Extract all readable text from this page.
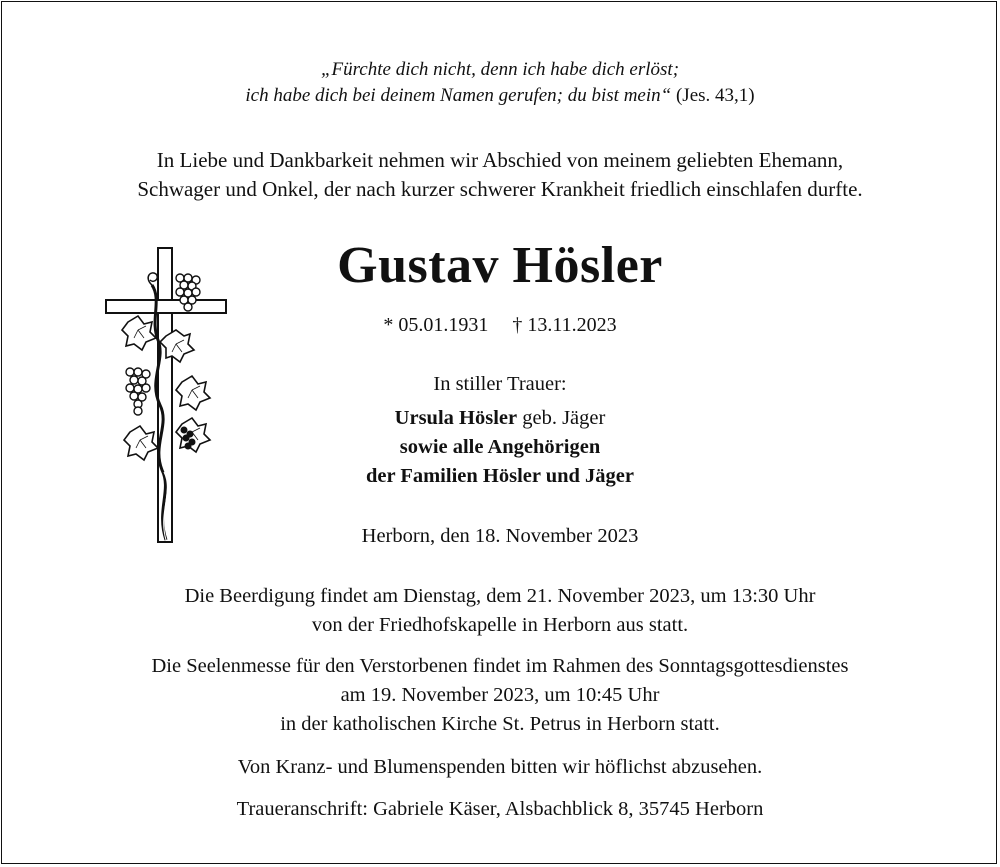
„Fürchte dich nicht, denn ich habe dich erlöst;
ich habe dich bei deinem Namen gerufen; du bist mein“ (Jes. 43,1)
In Liebe und Dankbarkeit nehmen wir Abschied von meinem geliebten Ehemann,
Schwager und Onkel, der nach kurzer schwerer Krankheit friedlich einschlafen durfte.
Gustav Hösler
* 05.01.1931 † 13.11.2023
In stiller Trauer:
Ursula Hösler geb. Jäger
sowie alle Angehörigen
der Familien Hösler und Jäger
Herborn, den 18. November 2023
Die Beerdigung findet am Dienstag, dem 21. November 2023, um 13:30 Uhr
von der Friedhofskapelle in Herborn aus statt.
Die Seelenmesse für den Verstorbenen findet im Rahmen des Sonntagsgottesdienstes
am 19. November 2023, um 10:45 Uhr
in der katholischen Kirche St. Petrus in Herborn statt.
Von Kranz- und Blumenspenden bitten wir höflichst abzusehen.
Traueranschrift: Gabriele Käser, Alsbachblick 8, 35745 Herborn
